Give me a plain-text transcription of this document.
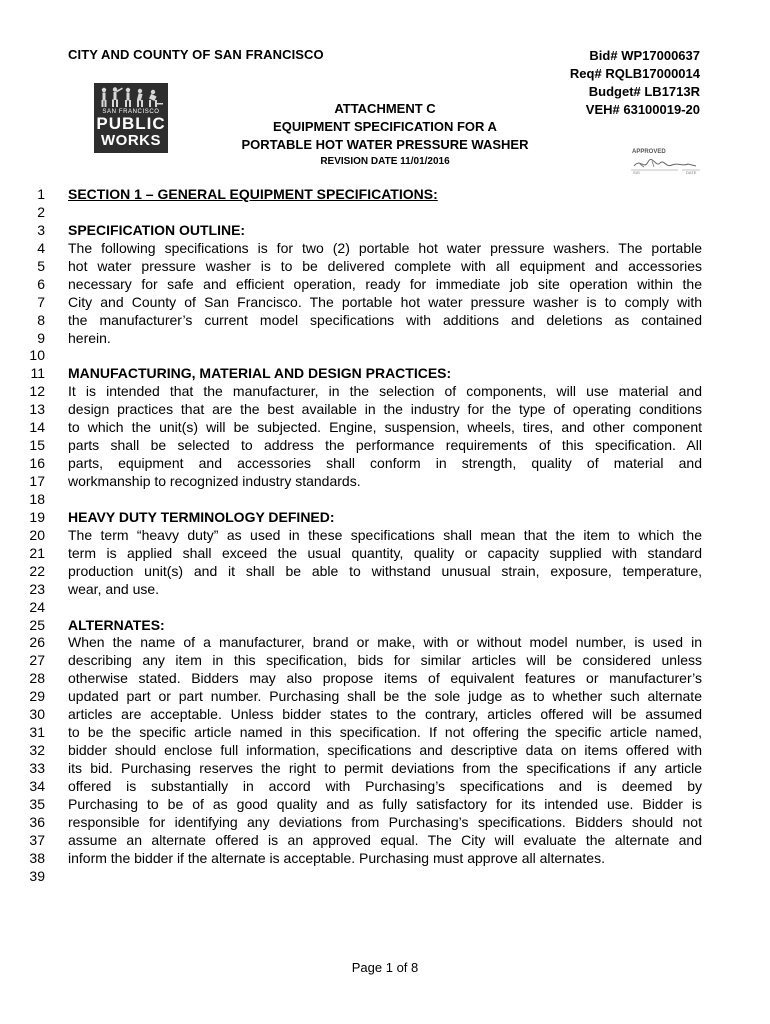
CITY AND COUNTY OF SAN FRANCISCO	Bid# WP17000637
Req# RQLB17000014
Budget# LB1713R
VEH# 63100019-20
SAN FRANCISCO
PUBLIC
WORKS
ATTACHMENT C
EQUIPMENT SPECIFICATION FOR A
PORTABLE HOT WATER PRESSURE WASHER
REVISION DATE 11/01/2016
APPROVED
SIG	DATE
1 SECTION 1 – GENERAL EQUIPMENT SPECIFICATIONS:
2
3 SPECIFICATION OUTLINE:
4 The following specifications is for two (2) portable hot water pressure washers. The portable
5 hot water pressure washer is to be delivered complete with all equipment and accessories
6 necessary for safe and efficient operation, ready for immediate job site operation within the
7 City and County of San Francisco. The portable hot water pressure washer is to comply with
8 the manufacturer’s current model specifications with additions and deletions as contained
9 herein.
10
11 MANUFACTURING, MATERIAL AND DESIGN PRACTICES:
12 It is intended that the manufacturer, in the selection of components, will use material and
13 design practices that are the best available in the industry for the type of operating conditions
14 to which the unit(s) will be subjected. Engine, suspension, wheels, tires, and other component
15 parts shall be selected to address the performance requirements of this specification. All
16 parts, equipment and accessories shall conform in strength, quality of material and
17 workmanship to recognized industry standards.
18
19 HEAVY DUTY TERMINOLOGY DEFINED:
20 The term “heavy duty” as used in these specifications shall mean that the item to which the
21 term is applied shall exceed the usual quantity, quality or capacity supplied with standard
22 production unit(s) and it shall be able to withstand unusual strain, exposure, temperature,
23 wear, and use.
24
25 ALTERNATES:
26 When the name of a manufacturer, brand or make, with or without model number, is used in
27 describing any item in this specification, bids for similar articles will be considered unless
28 otherwise stated. Bidders may also propose items of equivalent features or manufacturer’s
29 updated part or part number. Purchasing shall be the sole judge as to whether such alternate
30 articles are acceptable. Unless bidder states to the contrary, articles offered will be assumed
31 to be the specific article named in this specification. If not offering the specific article named,
32 bidder should enclose full information, specifications and descriptive data on items offered with
33 its bid. Purchasing reserves the right to permit deviations from the specifications if any article
34 offered is substantially in accord with Purchasing’s specifications and is deemed by
35 Purchasing to be of as good quality and as fully satisfactory for its intended use. Bidder is
36 responsible for identifying any deviations from Purchasing’s specifications. Bidders should not
37 assume an alternate offered is an approved equal. The City will evaluate the alternate and
38 inform the bidder if the alternate is acceptable. Purchasing must approve all alternates.
39
Page 1 of 8
